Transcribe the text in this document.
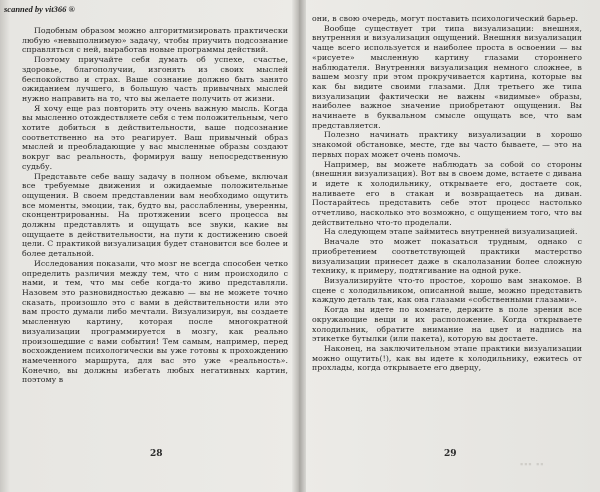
scanned by vit366 ®

Подобным образом можно алгоритмизировать практически любую «невыполнимую» задачу, чтобы приучить подсознание справляться с ней, выработав новые программы действий.

Поэтому приучайте себя думать об успехе, счастье, здоровье, благополучии, изгонять из своих мыслей беспокойство и страх. Ваше сознание должно быть занято ожиданием лучшего, в большую часть привычных мыслей нужно направить на то, что вы желаете получить от жизни.

Я хочу еще раз повторить эту очень важную мысль. Когда вы мысленно отождествляете себя с тем положительным, чего хотите добиться в действительности, ваше подсознание соответственно на это реагирует. Ваш привычный образ мыслей и преобладающие у вас мысленные образы создают вокруг вас реальность, формируя вашу непосредственную судьбу.

Представьте себе вашу задачу в полном объеме, включая все требуемые движения и ожидаемые положительные ощущения. В своем представлении вам необходимо ощутить все моменты, эмоции, так, будто вы, расслабленны, уверенны, сконцентрированны. На протяжении всего процесса вы должны представлять и ощущать все звуки, какие вы ощущаете в действительности, на пути к достижению своей цели. С практикой визуализация будет становится все более и более детальной.

Исследования показали, что мозг не всегда способен четко определить различия между тем, что с ним происходило с нами, и тем, что мы себе когда-то живо представляли. Назовем это разновидностью дежавю — вы не можете точно сказать, произошло это с вами в действительности или это вам просто думали либо мечтали. Визуализируя, вы создаете мысленную картину, которая после многократной визуализации программируется в мозгу, как реально произошедшие с вами события! Тем самым, например, перед восхождением психологически вы уже готовы к прохождению намеченного маршрута, для вас это уже «реальность». Конечно, вы должны избегать любых негативных картин, поэтому в

они, в свою очередь, могут поставить психологический барьер.

Вообще существует три типа визуализации: внешняя, внутренняя и визуализация ощущений. Внешняя визуализация чаще всего используется и наиболее проста в освоении — вы «рисуете» мысленную картину глазами стороннего наблюдателя. Внутренняя визуализация немного сложнее, в вашем мозгу при этом прокручивается картина, которые вы как бы видите своими глазами. Для третьего же типа визуализации фактически не важны «видимые» образы, наиболее важное значение приобретают ощущения. Вы начинаете в буквальном смысле ощущать все, что вам представляется.

Полезно начинать практику визуализации в хорошо знакомой обстановке, месте, где вы часто бываете, — это на первых порах может очень помочь.

Например, вы можете наблюдать за собой со стороны (внешняя визуализация). Вот вы в своем доме, встаете с дивана и идете к холодильнику, открываете его, достаете сок, наливаете его в стакан и возвращаетесь на диван. Постарайтесь представить себе этот процесс настолько отчетливо, насколько это возможно, с ощущением того, что вы действительно что-то проделали.

На следующем этапе займитесь внутренней визуализацией.

Вначале это может показаться трудным, однако с приобретением соответствующей практики мастерство визуализации принесет даже в скалолазании более сложную технику, к примеру, подтягивание на одной руке.

Визуализируйте что-то простое, хорошо вам знакомое. В сцене с холодильником, описанной выше, можно представить каждую деталь так, как она глазами «собственными глазами».

Когда вы идете по комнате, держите в поле зрения все окружающие вещи и их расположение. Когда открываете холодильник, обратите внимание на цвет и надпись на этикетке бутылки (или пакета), которую вы достаете.

Наконец, на заключительном этапе практики визуализации можно ощутить(!), как вы идете к холодильнику, ежитесь от прохлады, когда открываете его дверцу,

28	29
▪▪▪ ▪▪
